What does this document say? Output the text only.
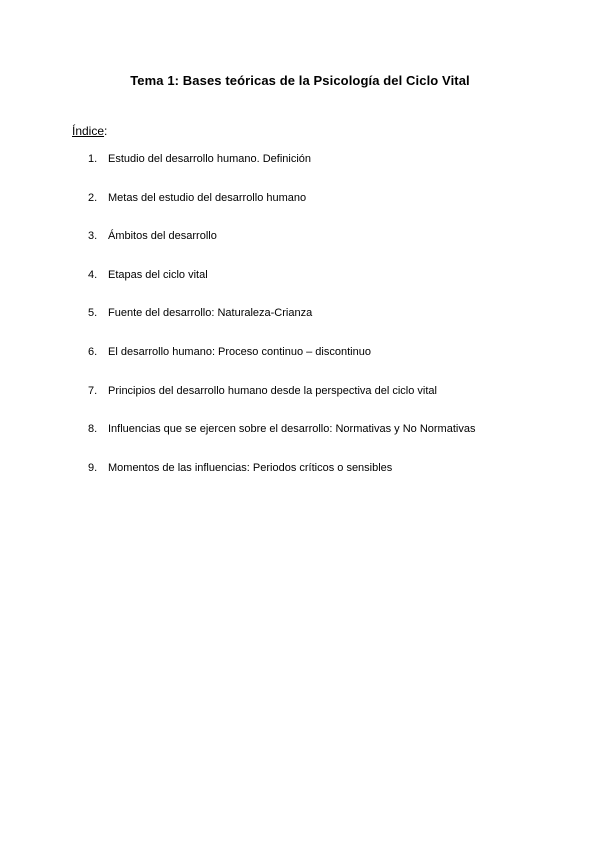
Tema 1: Bases teóricas de la Psicología del Ciclo Vital
Índice:
1. Estudio del desarrollo humano. Definición
2. Metas del estudio del desarrollo humano
3. Ámbitos del desarrollo
4. Etapas del ciclo vital
5. Fuente del desarrollo: Naturaleza-Crianza
6. El desarrollo humano: Proceso continuo – discontinuo
7. Principios del desarrollo humano desde la perspectiva del ciclo vital
8. Influencias que se ejercen sobre el desarrollo: Normativas y No Normativas
9. Momentos de las influencias: Periodos críticos o sensibles
